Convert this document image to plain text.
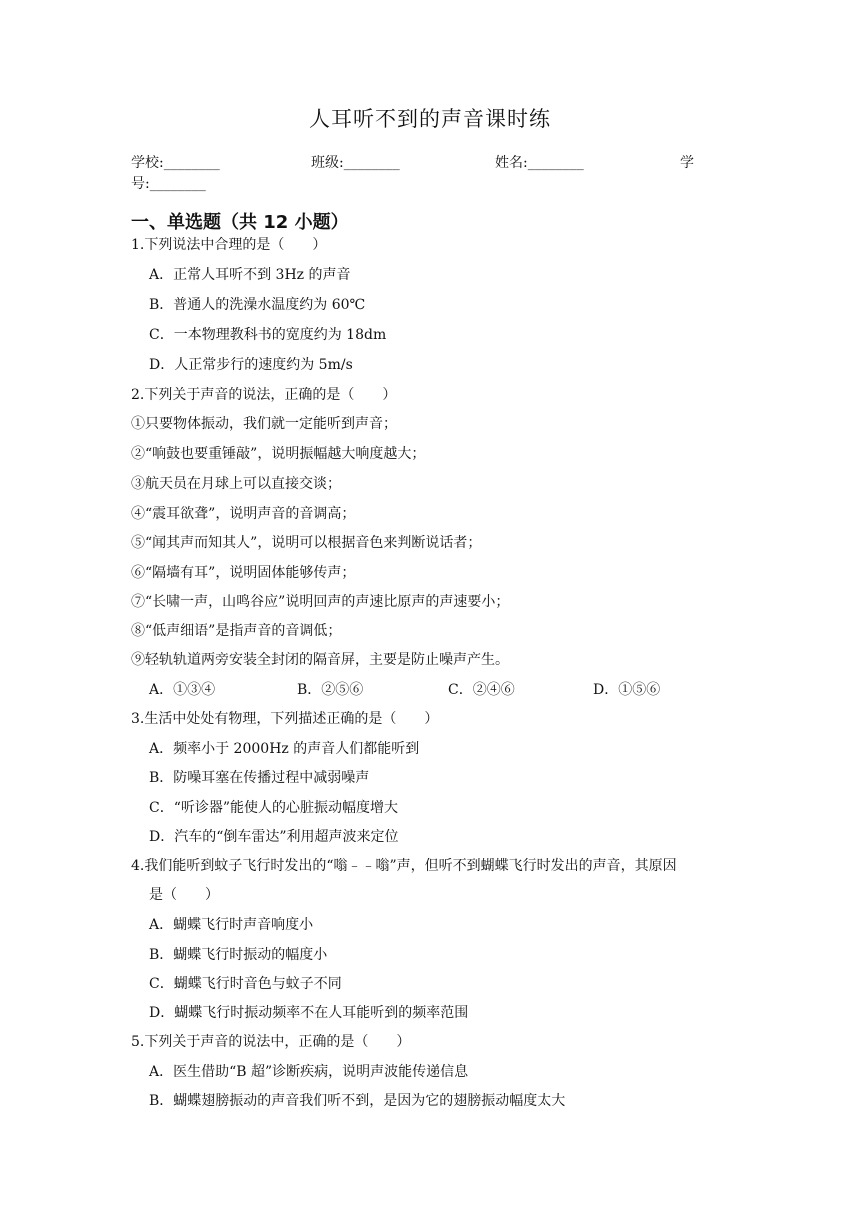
人耳听不到的声音课时练
学校:________	班级:________	姓名:________	学
号:________
一、单选题（共 12 小题）
1.下列说法中合理的是（　　）
A．正常人耳听不到 3Hz 的声音
B．普通人的洗澡水温度约为 60℃
C．一本物理教科书的宽度约为 18dm
D．人正常步行的速度约为 5m/s
2.下列关于声音的说法，正确的是（　　）
①只要物体振动，我们就一定能听到声音；
②“响鼓也要重锤敲”，说明振幅越大响度越大；
③航天员在月球上可以直接交谈；
④“震耳欲聋”，说明声音的音调高；
⑤“闻其声而知其人”，说明可以根据音色来判断说话者；
⑥“隔墙有耳”，说明固体能够传声；
⑦“长啸一声，山鸣谷应”说明回声的声速比原声的声速要小；
⑧“低声细语”是指声音的音调低；
⑨轻轨轨道两旁安装全封闭的隔音屏，主要是防止噪声产生。
A．①③④	B．②⑤⑥	C．②④⑥	D．①⑤⑥
3.生活中处处有物理，下列描述正确的是（　　）
A．频率小于 2000Hz 的声音人们都能听到
B．防噪耳塞在传播过程中减弱噪声
C．“听诊器”能使人的心脏振动幅度增大
D．汽车的“倒车雷达”利用超声波来定位
4.我们能听到蚊子飞行时发出的“嗡﹣﹣嗡”声，但听不到蝴蝶飞行时发出的声音，其原因
是（　　）
A．蝴蝶飞行时声音响度小
B．蝴蝶飞行时振动的幅度小
C．蝴蝶飞行时音色与蚊子不同
D．蝴蝶飞行时振动频率不在人耳能听到的频率范围
5.下列关于声音的说法中，正确的是（　　）
A．医生借助“B 超”诊断疾病，说明声波能传递信息
B．蝴蝶翅膀振动的声音我们听不到，是因为它的翅膀振动幅度太大
